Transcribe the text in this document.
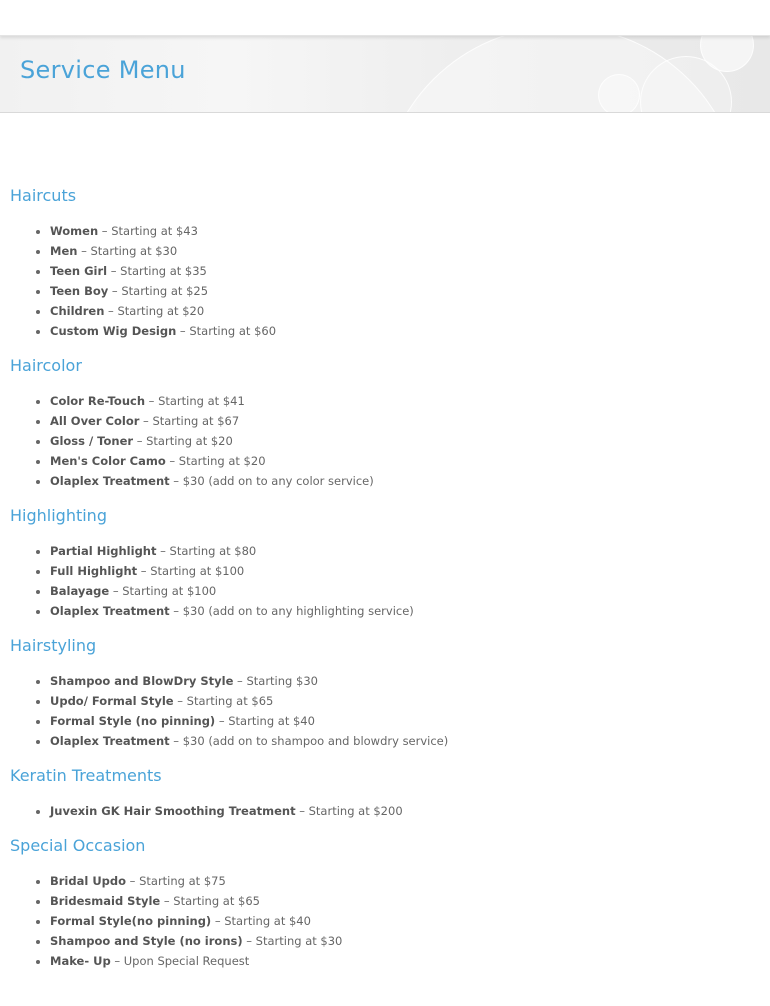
Service Menu
Haircuts
• Women – Starting at $43
• Men – Starting at $30
• Teen Girl – Starting at $35
• Teen Boy – Starting at $25
• Children – Starting at $20
• Custom Wig Design – Starting at $60
Haircolor
• Color Re-Touch – Starting at $41
• All Over Color – Starting at $67
• Gloss / Toner – Starting at $20
• Men's Color Camo – Starting at $20
• Olaplex Treatment – $30 (add on to any color service)
Highlighting
• Partial Highlight – Starting at $80
• Full Highlight – Starting at $100
• Balayage – Starting at $100
• Olaplex Treatment – $30 (add on to any highlighting service)
Hairstyling
• Shampoo and BlowDry Style – Starting $30
• Updo/ Formal Style – Starting at $65
• Formal Style (no pinning) – Starting at $40
• Olaplex Treatment – $30 (add on to shampoo and blowdry service)
Keratin Treatments
• Juvexin GK Hair Smoothing Treatment – Starting at $200
Special Occasion
• Bridal Updo – Starting at $75
• Bridesmaid Style – Starting at $65
• Formal Style(no pinning) – Starting at $40
• Shampoo and Style (no irons) – Starting at $30
• Make- Up – Upon Special Request
